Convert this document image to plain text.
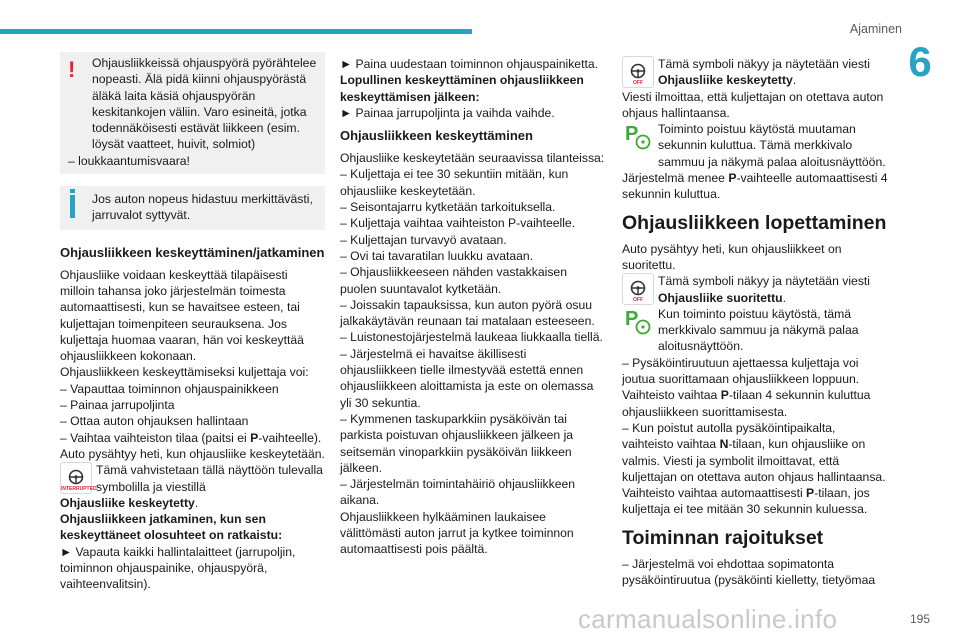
Ajaminen
6
!	Ohjausliikkeissä ohjauspyörä pyörähtelee nopeasti. Älä pidä kiinni ohjauspyörästä äläkä laita käsiä ohjauspyörän keskitankojen väliin. Varo esineitä, jotka todennäköisesti estävät liikkeen (esim. löysät vaatteet, huivit, solmiot)

– loukkaantumisvaara!

Jos auton nopeus hidastuu merkittävästi, jarruvalot syttyvät.

Ohjausliikkeen keskeyttäminen/jatkaminen

Ohjausliike voidaan keskeyttää tilapäisesti milloin tahansa joko järjestelmän toimesta automaattisesti, kun se havaitsee esteen, tai kuljettajan toimenpiteen seurauksena. Jos kuljettaja huomaa vaaran, hän voi keskeyttää ohjausliikkeen kokonaan.

Ohjausliikkeen keskeyttämiseksi kuljettaja voi:

– Vapauttaa toiminnon ohjauspainikkeen

– Painaa jarrupoljinta

– Ottaa auton ohjauksen hallintaan

– Vaihtaa vaihteiston tilaa (paitsi ei P-vaihteelle).

Auto pysähtyy heti, kun ohjausliike keskeytetään.

INTERRUPTED

Tämä vahvistetaan tällä näyttöön tulevalla symbolilla ja viestillä

Ohjausliike keskeytetty.

Ohjausliikkeen jatkaminen, kun sen keskeyttäneet olosuhteet on ratkaistu:

► Vapauta kaikki hallintalaitteet (jarrupoljin, toiminnon ohjauspainike, ohjauspyörä, vaihteenvalitsin).

► Paina uudestaan toiminnon ohjauspainiketta.

Lopullinen keskeyttäminen ohjausliikkeen keskeyttämisen jälkeen:

► Painaa jarrupoljinta ja vaihda vaihde.

Ohjausliikkeen keskeyttäminen

Ohjausliike keskeytetään seuraavissa tilanteissa:

– Kuljettaja ei tee 30 sekuntiin mitään, kun ohjausliike keskeytetään.

– Seisontajarru kytketään tarkoituksella.

– Kuljettaja vaihtaa vaihteiston P-vaihteelle.

– Kuljettajan turvavyö avataan.

– Ovi tai tavaratilan luukku avataan.

– Ohjausliikkeeseen nähden vastakkaisen puolen suuntavalot kytketään.

– Joissakin tapauksissa, kun auton pyörä osuu jalkakäytävän reunaan tai matalaan esteeseen.

– Luistonestojärjestelmä laukeaa liukkaalla tiellä.

– Järjestelmä ei havaitse äkillisesti ohjausliikkeen tielle ilmestyvää estettä ennen ohjausliikkeen aloittamista ja este on olemassa yli 30 sekuntia.

– Kymmenen taskuparkkiin pysäköivän tai parkista poistuvan ohjausliikkeen jälkeen ja seitsemän vinoparkkiin pysäköivän liikkeen jälkeen.

– Järjestelmän toimintahäiriö ohjausliikkeen aikana.

Ohjausliikkeen hylkääminen laukaisee välittömästi auton jarrut ja kytkee toiminnon automaattisesti pois päältä.

OFF

Tämä symboli näkyy ja näytetään viesti Ohjausliike keskeytetty.

Viesti ilmoittaa, että kuljettajan on otettava auton ohjaus hallintaansa.

P Toiminto poistuu käytöstä muutaman sekunnin kuluttua. Tämä merkkivalo sammuu ja näkymä palaa aloitusnäyttöön.

Järjestelmä menee P-vaihteelle automaattisesti 4 sekunnin kuluttua.

Ohjausliikkeen lopettaminen

Auto pysähtyy heti, kun ohjausliikkeet on suoritettu.

OFF

Tämä symboli näkyy ja näytetään viesti Ohjausliike suoritettu.

P Kun toiminto poistuu käytöstä, tämä merkkivalo sammuu ja näkymä palaa aloitusnäyttöön.

– Pysäköintiruutuun ajettaessa kuljettaja voi joutua suorittamaan ohjausliikkeen loppuun. Vaihteisto vaihtaa P-tilaan 4 sekunnin kuluttua ohjausliikkeen suorittamisesta.

– Kun poistut autolla pysäköintipaikalta, vaihteisto vaihtaa N-tilaan, kun ohjausliike on valmis. Viesti ja symbolit ilmoittavat, että kuljettajan on otettava auton ohjaus hallintaansa. Vaihteisto vaihtaa automaattisesti P-tilaan, jos kuljettaja ei tee mitään 30 sekunnin kuluessa.

Toiminnan rajoitukset

– Järjestelmä voi ehdottaa sopimatonta pysäköintiruutua (pysäköinti kielletty, tietyömaa

carmanualsonline.info	195
